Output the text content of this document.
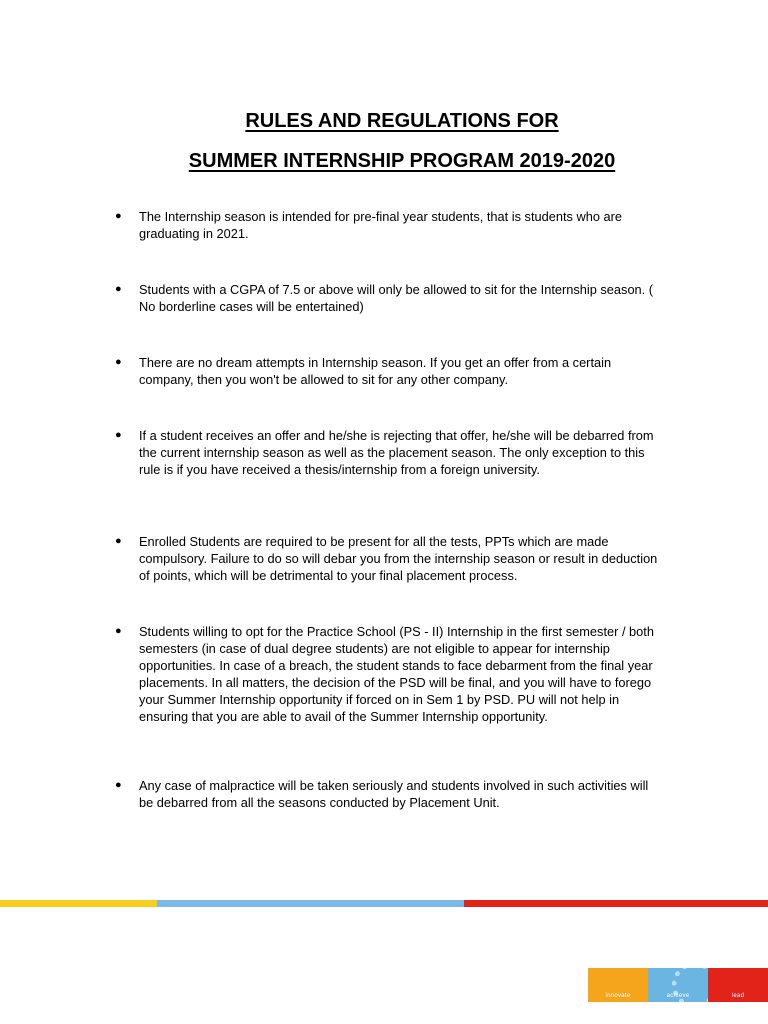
RULES AND REGULATIONS FOR
SUMMER INTERNSHIP PROGRAM 2019-2020
● The Internship season is intended for pre-final year students, that is students who are graduating in 2021.
● Students with a CGPA of 7.5 or above will only be allowed to sit for the Internship season. ( No borderline cases will be entertained)
● There are no dream attempts in Internship season. If you get an offer from a certain company, then you won't be allowed to sit for any other company.
● If a student receives an offer and he/she is rejecting that offer, he/she will be debarred from the current internship season as well as the placement season. The only exception to this rule is if you have received a thesis/internship from a foreign university.
● Enrolled Students are required to be present for all the tests, PPTs which are made compulsory. Failure to do so will debar you from the internship season or result in deduction of points, which will be detrimental to your final placement process.
● Students willing to opt for the Practice School (PS - II) Internship in the first semester / both semesters (in case of dual degree students) are not eligible to appear for internship opportunities. In case of a breach, the student stands to face debarment from the final year placements. In all matters, the decision of the PSD will be final, and you will have to forego your Summer Internship opportunity if forced on in Sem 1 by PSD. PU will not help in ensuring that you are able to avail of the Summer Internship opportunity.
● Any case of malpractice will be taken seriously and students involved in such activities will be debarred from all the seasons conducted by Placement Unit.
innovate	achieve	lead
